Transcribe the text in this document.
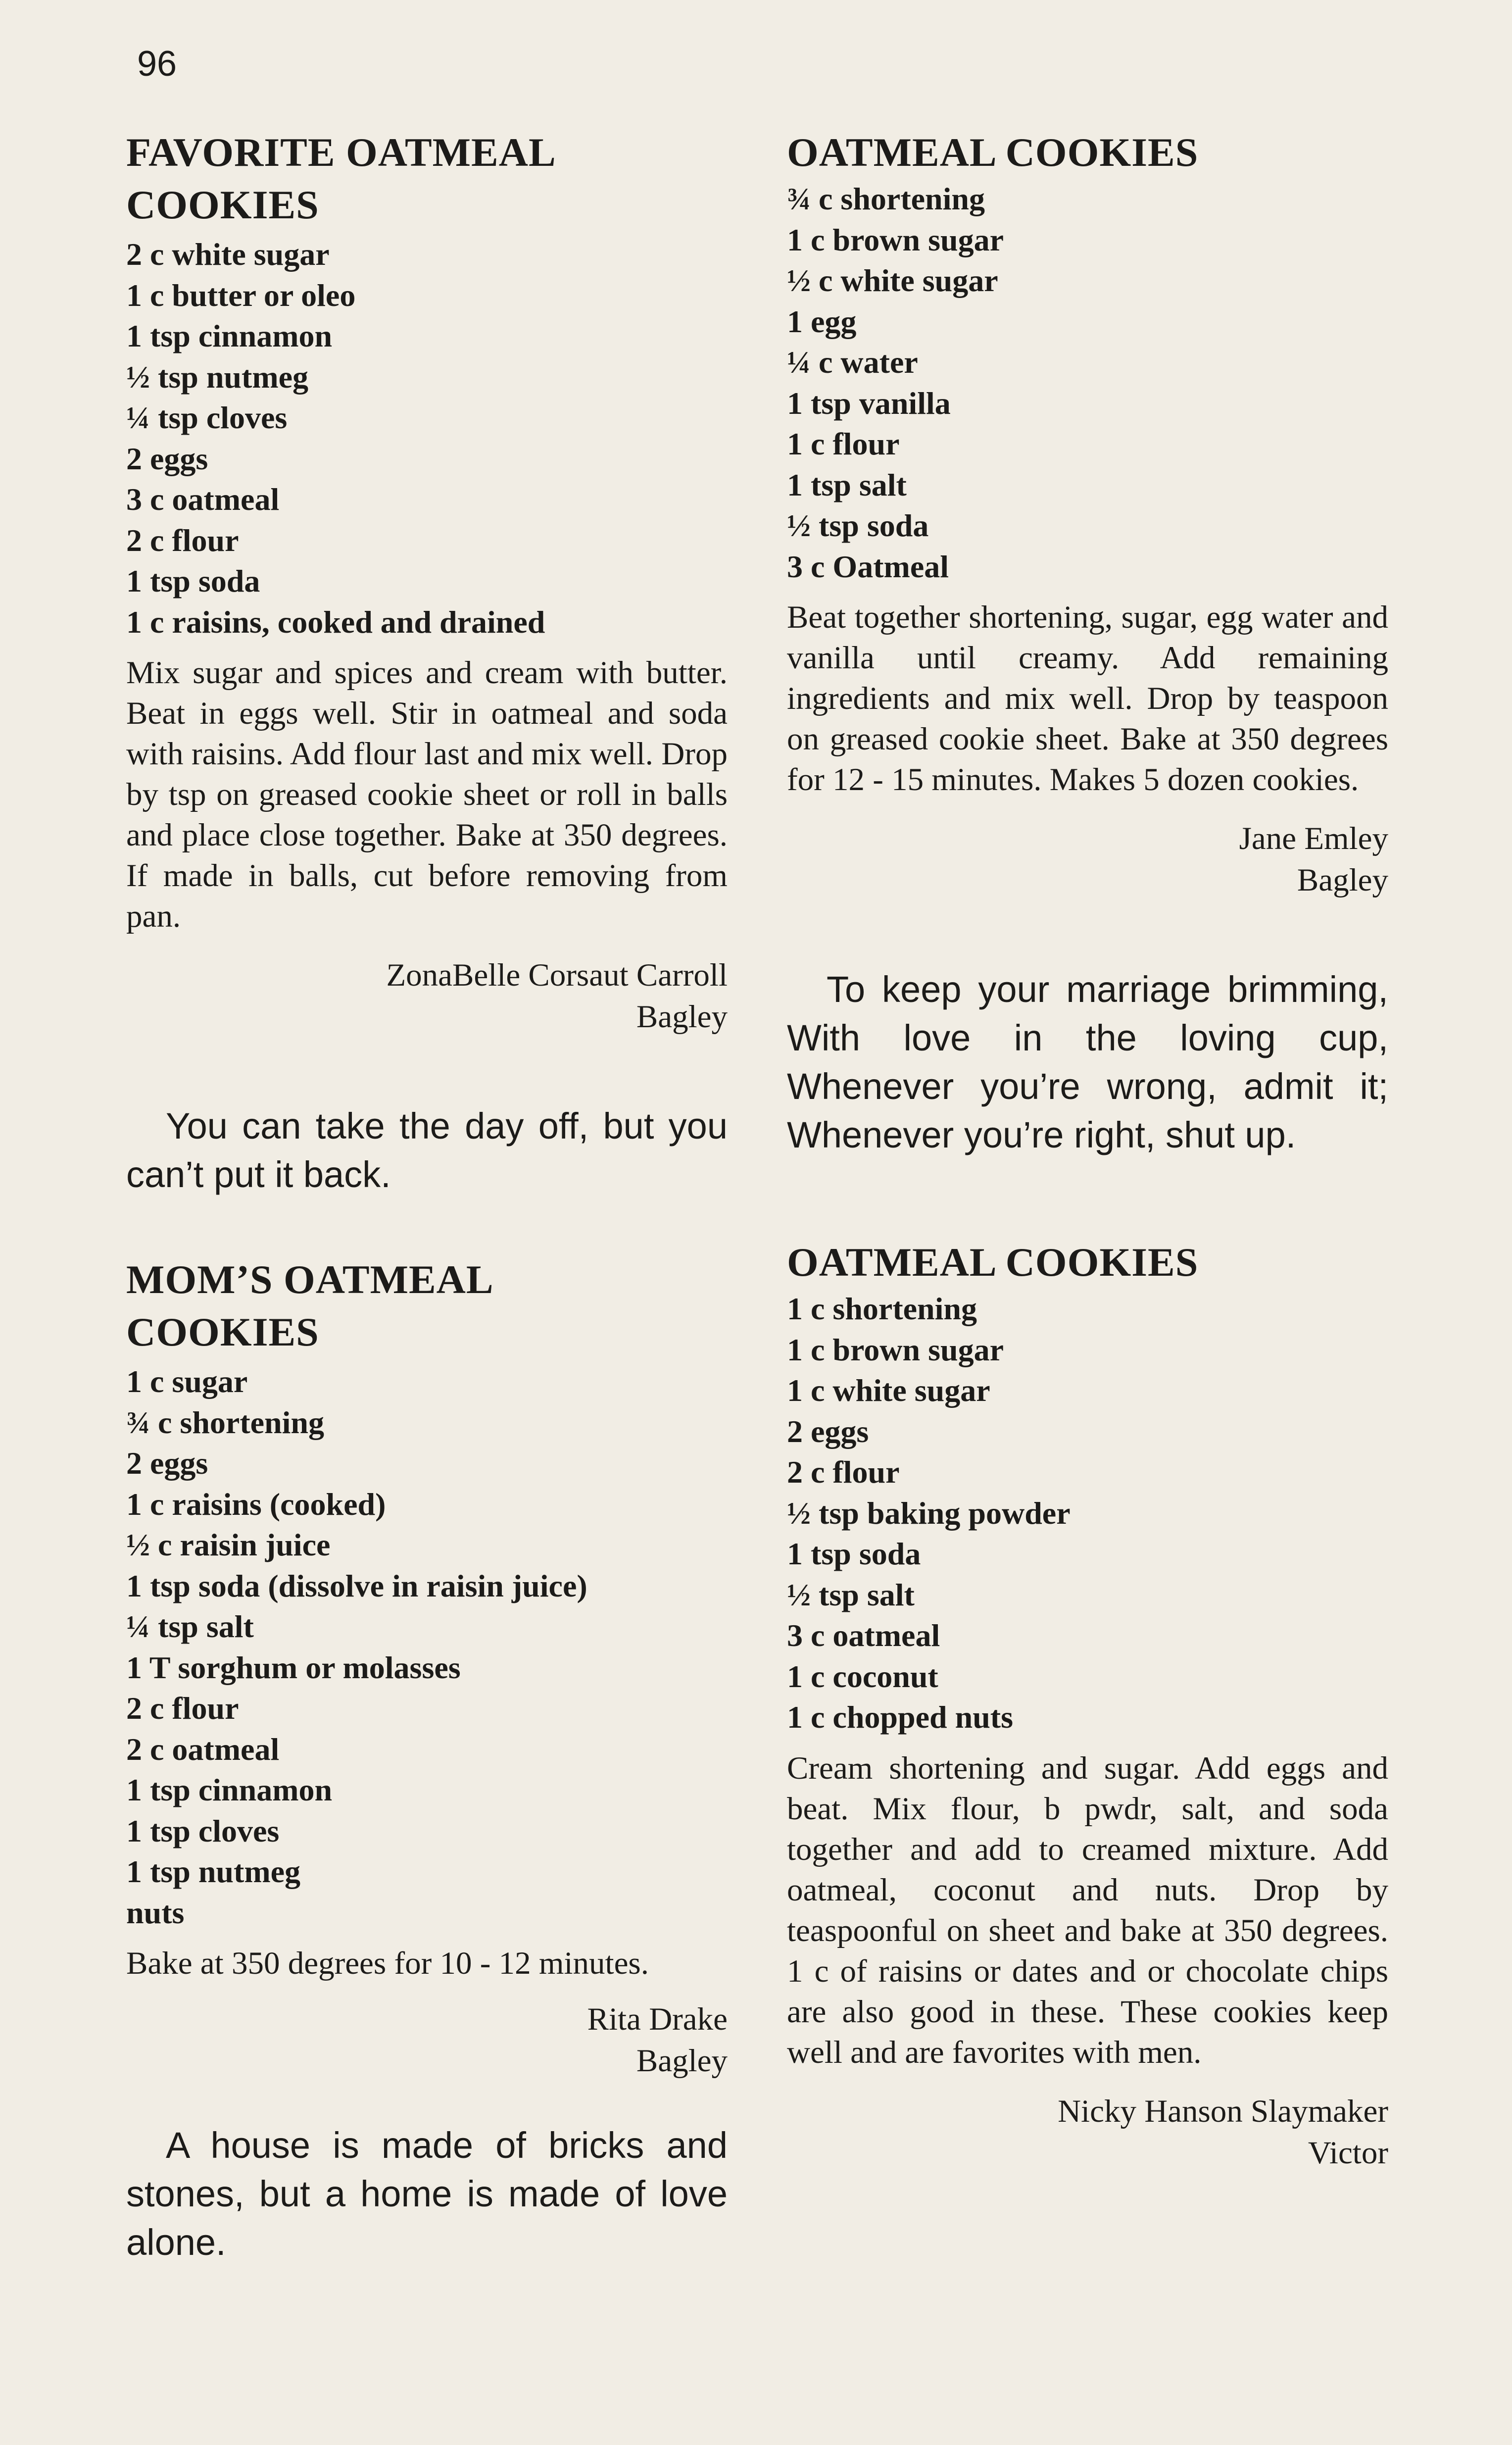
96
FAVORITE OATMEAL
COOKIES
2 c white sugar
1 c butter or oleo
1 tsp cinnamon
½ tsp nutmeg
¼ tsp cloves
2 eggs
3 c oatmeal
2 c flour
1 tsp soda
1 c raisins, cooked and drained

Mix sugar and spices and cream with butter. Beat in eggs well. Stir in oatmeal and soda with raisins. Add flour last and mix well. Drop by tsp on greased cookie sheet or roll in balls and place close together. Bake at 350 degrees. If made in balls, cut before removing from pan.

ZonaBelle Corsaut Carroll

Bagley

You can take the day off, but you can’t put it back.

MOM’S OATMEAL
COOKIES
1 c sugar
¾ c shortening
2 eggs
1 c raisins (cooked)
½ c raisin juice
1 tsp soda (dissolve in raisin juice)
¼ tsp salt
1 T sorghum or molasses
2 c flour
2 c oatmeal
1 tsp cinnamon
1 tsp cloves
1 tsp nutmeg
nuts

Bake at 350 degrees for 10 - 12 minutes.

Rita Drake

Bagley

A house is made of bricks and stones, but a home is made of love alone.

OATMEAL COOKIES
¾ c shortening
1 c brown sugar
½ c white sugar
1 egg
¼ c water
1 tsp vanilla
1 c flour
1 tsp salt
½ tsp soda
3 c Oatmeal

Beat together shortening, sugar, egg water and vanilla until creamy. Add remaining ingredients and mix well. Drop by teaspoon on greased cookie sheet. Bake at 350 degrees for 12 - 15 minutes. Makes 5 dozen cookies.

Jane Emley

Bagley

To keep your marriage brimming, With love in the loving cup, Whenever you’re wrong, admit it; Whenever you’re right, shut up.

OATMEAL COOKIES
1 c shortening
1 c brown sugar
1 c white sugar
2 eggs
2 c flour
½ tsp baking powder
1 tsp soda
½ tsp salt
3 c oatmeal
1 c coconut
1 c chopped nuts

Cream shortening and sugar. Add eggs and beat. Mix flour, b pwdr, salt, and soda together and add to creamed mixture. Add oatmeal, coconut and nuts. Drop by teaspoonful on sheet and bake at 350 degrees. 1 c of raisins or dates and or chocolate chips are also good in these. These cookies keep well and are favorites with men.

Nicky Hanson Slaymaker

Victor
